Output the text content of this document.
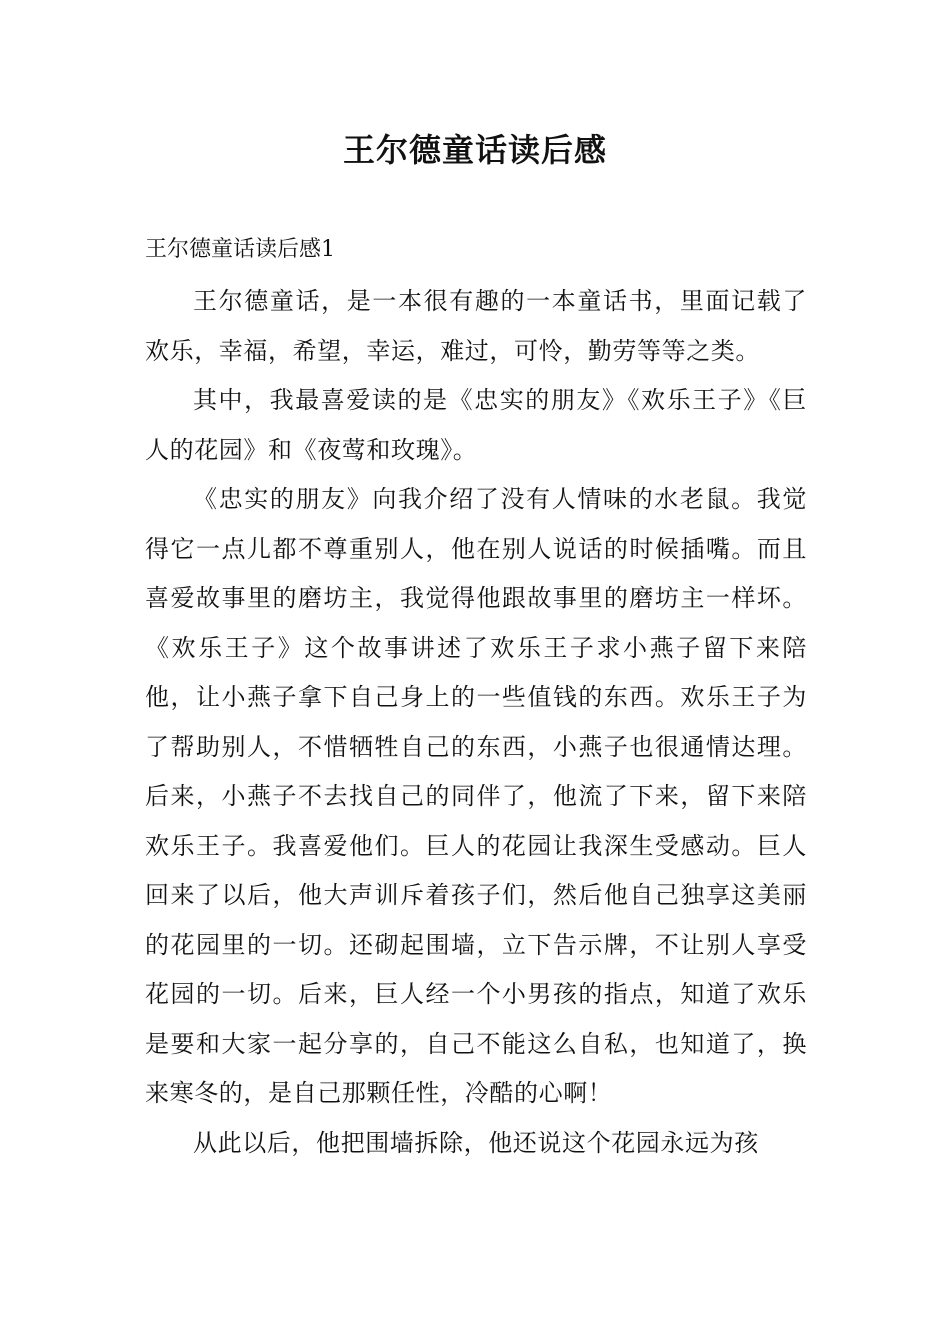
王尔德童话读后感
王尔德童话读后感1

王尔德童话，是一本很有趣的一本童话书，里面记载了欢乐，幸福，希望，幸运，难过，可怜，勤劳等等之类。

其中，我最喜爱读的是《忠实的朋友》《欢乐王子》《巨人的花园》和《夜莺和玫瑰》。

《忠实的朋友》向我介绍了没有人情味的水老鼠。我觉得它一点儿都不尊重别人，他在别人说话的时候插嘴。而且喜爱故事里的磨坊主，我觉得他跟故事里的磨坊主一样坏。《欢乐王子》这个故事讲述了欢乐王子求小燕子留下来陪他，让小燕子拿下自己身上的一些值钱的东西。欢乐王子为了帮助别人，不惜牺牲自己的东西，小燕子也很通情达理。后来，小燕子不去找自己的同伴了，他流了下来，留下来陪欢乐王子。我喜爱他们。巨人的花园让我深生受感动。巨人回来了以后，他大声训斥着孩子们，然后他自己独享这美丽的花园里的一切。还砌起围墙，立下告示牌，不让别人享受花园的一切。后来，巨人经一个小男孩的指点，知道了欢乐是要和大家一起分享的，自己不能这么自私，也知道了，换来寒冬的，是自己那颗任性，冷酷的心啊！

从此以后，他把围墙拆除，他还说这个花园永远为孩
